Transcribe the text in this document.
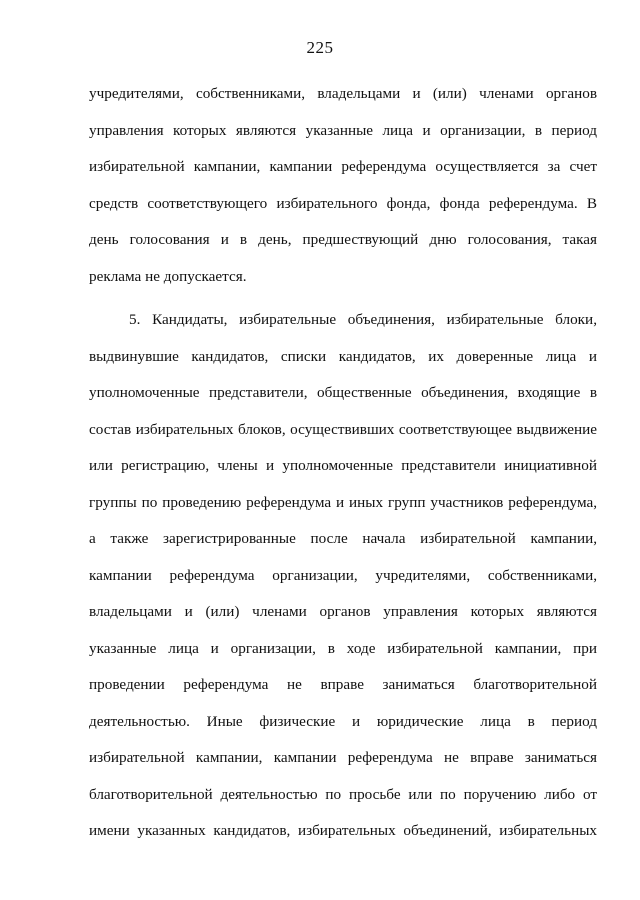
225
учредителями, собственниками, владельцами и (или) членами органов
управления которых являются указанные лица и организации, в период
избирательной кампании, кампании референдума осуществляется за счет
средств соответствующего избирательного фонда, фонда референдума. В
день голосования и в день, предшествующий дню голосования, такая
реклама не допускается.
5. Кандидаты, избирательные объединения, избирательные блоки,
выдвинувшие кандидатов, списки кандидатов, их доверенные лица и
уполномоченные представители, общественные объединения, входящие в
состав избирательных блоков, осуществивших соответствующее выдвижение
или регистрацию, члены и уполномоченные представители инициативной
группы по проведению референдума и иных групп участников референдума,
а также зарегистрированные после начала избирательной кампании,
кампании референдума организации, учредителями, собственниками,
владельцами и (или) членами органов управления которых являются
указанные лица и организации, в ходе избирательной кампании, при
проведении референдума не вправе заниматься благотворительной
деятельностью. Иные физические и юридические лица в период
избирательной кампании, кампании референдума не вправе заниматься
благотворительной деятельностью по просьбе или по поручению либо от
имени указанных кандидатов, избирательных объединений, избирательных
